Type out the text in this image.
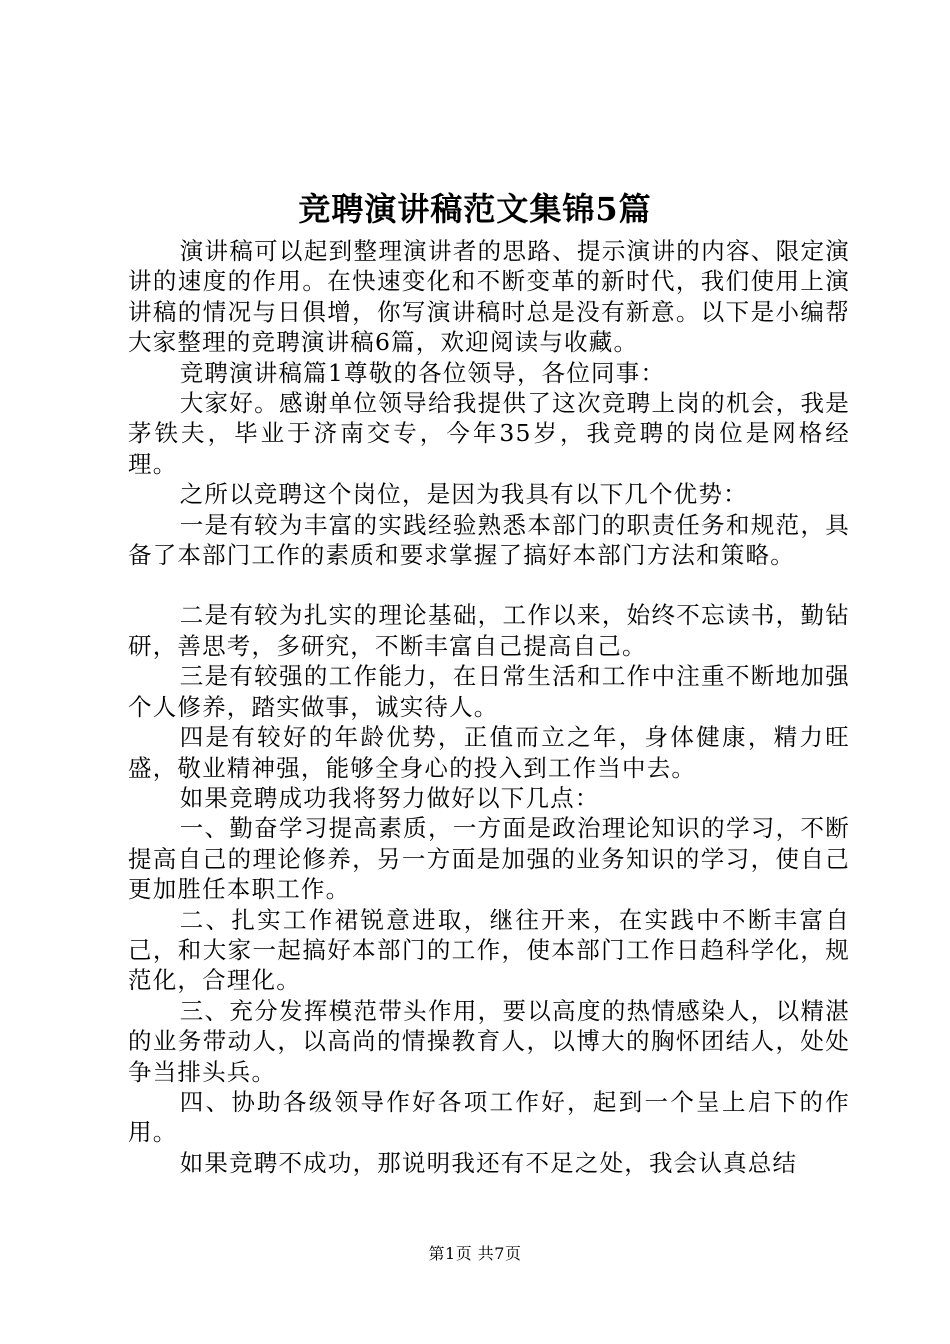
竞聘演讲稿范文集锦5篇

演讲稿可以起到整理演讲者的思路、提示演讲的内容、限定演讲的速度的作用。在快速变化和不断变革的新时代，我们使用上演讲稿的情况与日俱增，你写演讲稿时总是没有新意。以下是小编帮大家整理的竞聘演讲稿6篇，欢迎阅读与收藏。

竞聘演讲稿篇1尊敬的各位领导，各位同事：

大家好。感谢单位领导给我提供了这次竞聘上岗的机会，我是茅铁夫，毕业于济南交专，今年35岁，我竞聘的岗位是网格经理。

之所以竞聘这个岗位，是因为我具有以下几个优势：

一是有较为丰富的实践经验熟悉本部门的职责任务和规范，具备了本部门工作的素质和要求掌握了搞好本部门方法和策略。

二是有较为扎实的理论基础，工作以来，始终不忘读书，勤钻研，善思考，多研究，不断丰富自己提高自己。

三是有较强的工作能力，在日常生活和工作中注重不断地加强个人修养，踏实做事，诚实待人。

四是有较好的年龄优势，正值而立之年，身体健康，精力旺盛，敬业精神强，能够全身心的投入到工作当中去。

如果竞聘成功我将努力做好以下几点：

一、勤奋学习提高素质，一方面是政治理论知识的学习，不断提高自己的理论修养，另一方面是加强的业务知识的学习，使自己更加胜任本职工作。

二、扎实工作裙锐意进取，继往开来，在实践中不断丰富自己，和大家一起搞好本部门的工作，使本部门工作日趋科学化，规范化，合理化。

三、充分发挥模范带头作用，要以高度的热情感染人，以精湛的业务带动人，以高尚的情操教育人，以博大的胸怀团结人，处处争当排头兵。

四、协助各级领导作好各项工作好，起到一个呈上启下的作用。

如果竞聘不成功，那说明我还有不足之处，我会认真总结

第1页 共7页
